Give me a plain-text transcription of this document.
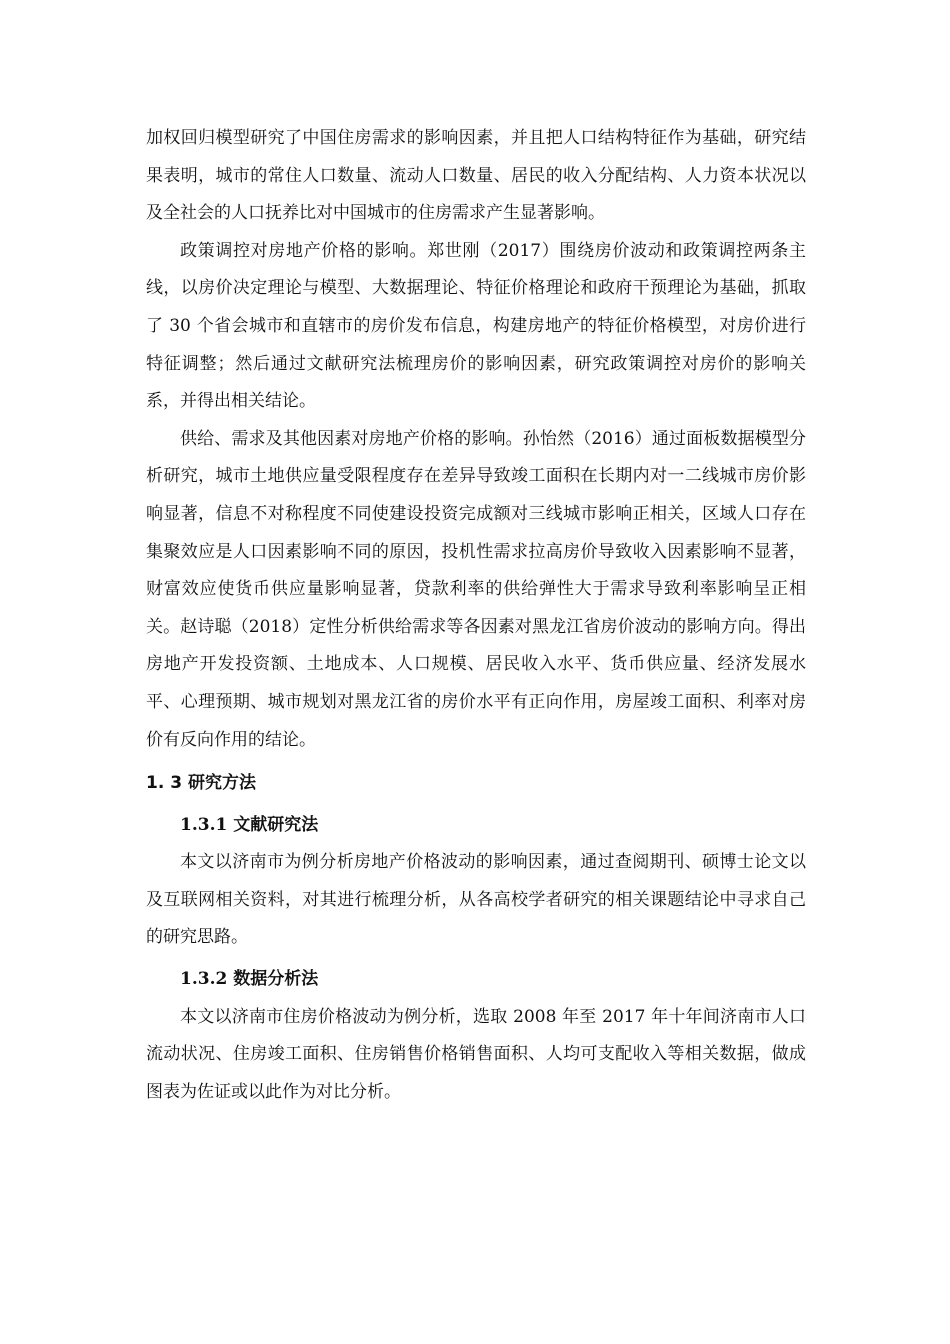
加权回归模型研究了中国住房需求的影响因素，并且把人口结构特征作为基础，研究结果表明，城市的常住人口数量、流动人口数量、居民的收入分配结构、人力资本状况以及全社会的人口抚养比对中国城市的住房需求产生显著影响。

政策调控对房地产价格的影响。郑世刚（2017）围绕房价波动和政策调控两条主线，以房价决定理论与模型、大数据理论、特征价格理论和政府干预理论为基础，抓取了 30 个省会城市和直辖市的房价发布信息，构建房地产的特征价格模型，对房价进行特征调整；然后通过文献研究法梳理房价的影响因素，研究政策调控对房价的影响关系，并得出相关结论。

供给、需求及其他因素对房地产价格的影响。孙怡然（2016）通过面板数据模型分析研究，城市土地供应量受限程度存在差异导致竣工面积在长期内对一二线城市房价影响显著，信息不对称程度不同使建设投资完成额对三线城市影响正相关，区域人口存在集聚效应是人口因素影响不同的原因，投机性需求拉高房价导致收入因素影响不显著，财富效应使货币供应量影响显著，贷款利率的供给弹性大于需求导致利率影响呈正相关。赵诗聪（2018）定性分析供给需求等各因素对黑龙江省房价波动的影响方向。得出房地产开发投资额、土地成本、人口规模、居民收入水平、货币供应量、经济发展水平、心理预期、城市规划对黑龙江省的房价水平有正向作用，房屋竣工面积、利率对房价有反向作用的结论。

1. 3 研究方法
1.3.1 文献研究法

本文以济南市为例分析房地产价格波动的影响因素，通过查阅期刊、硕博士论文以及互联网相关资料，对其进行梳理分析，从各高校学者研究的相关课题结论中寻求自己的研究思路。

1.3.2 数据分析法

本文以济南市住房价格波动为例分析，选取 2008 年至 2017 年十年间济南市人口流动状况、住房竣工面积、住房销售价格销售面积、人均可支配收入等相关数据，做成图表为佐证或以此作为对比分析。
